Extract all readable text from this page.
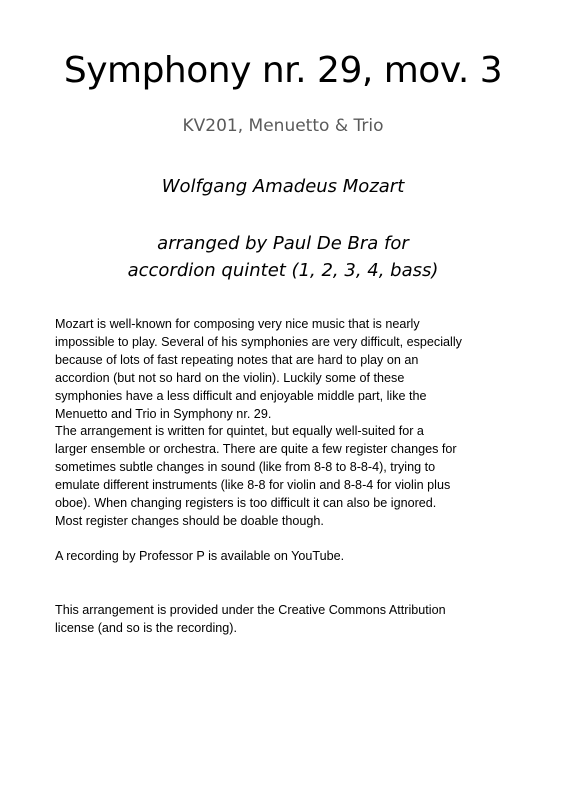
Symphony nr. 29, mov. 3

KV201, Menuetto & Trio

Wolfgang Amadeus Mozart

arranged by Paul De Bra for
accordion quintet (1, 2, 3, 4, bass)

Mozart is well-known for composing very nice music that is nearly
impossible to play. Several of his symphonies are very difficult, especially
because of lots of fast repeating notes that are hard to play on an
accordion (but not so hard on the violin). Luckily some of these
symphonies have a less difficult and enjoyable middle part, like the
Menuetto and Trio in Symphony nr. 29.
The arrangement is written for quintet, but equally well-suited for a
larger ensemble or orchestra. There are quite a few register changes for
sometimes subtle changes in sound (like from 8-8 to 8-8-4), trying to
emulate different instruments (like 8-8 for violin and 8-8-4 for violin plus
oboe). When changing registers is too difficult it can also be ignored.
Most register changes should be doable though.

A recording by Professor P is available on YouTube.

This arrangement is provided under the Creative Commons Attribution
license (and so is the recording).
